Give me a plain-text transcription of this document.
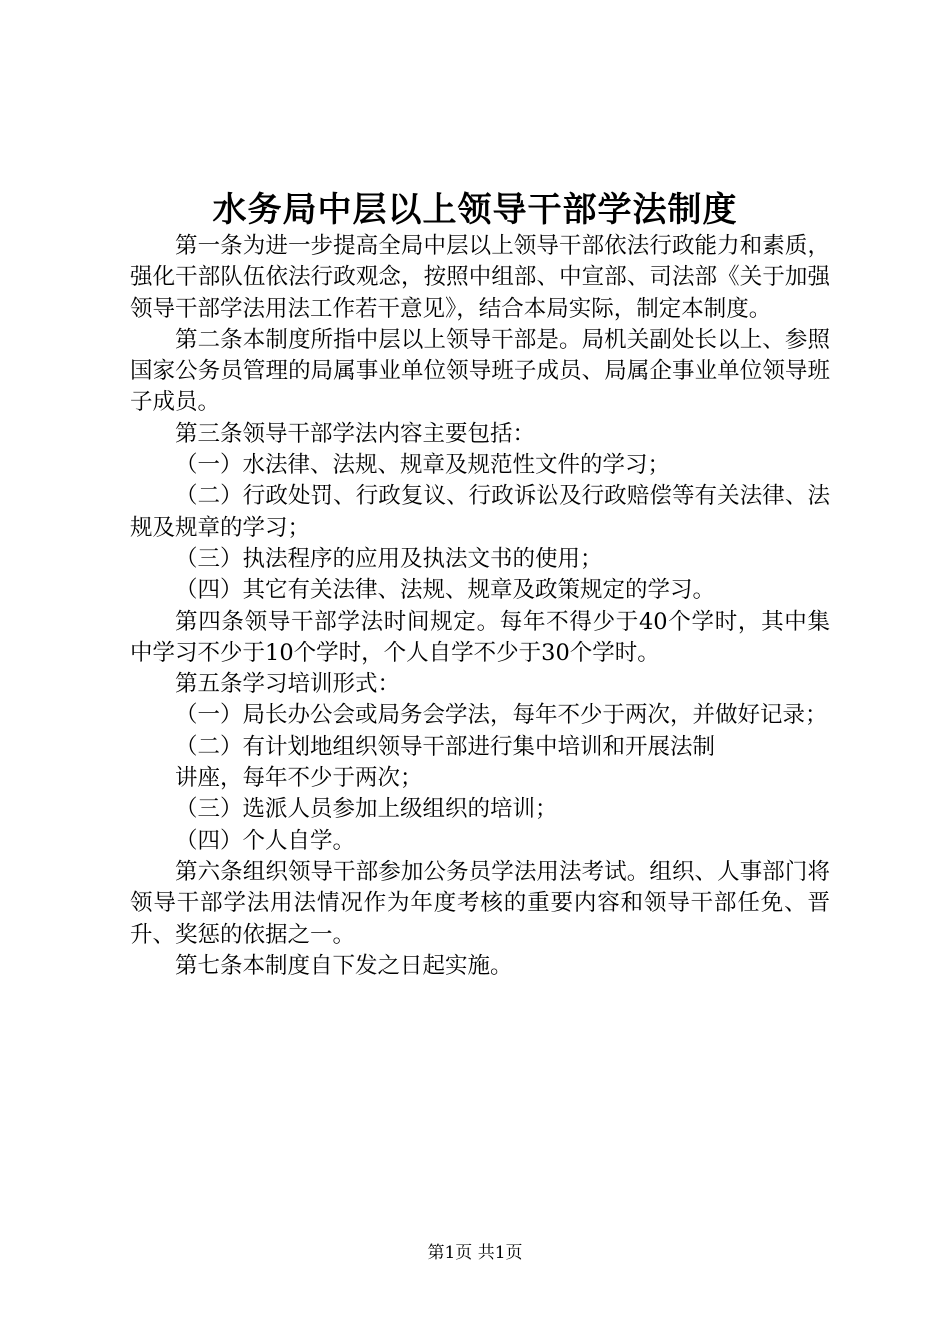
水务局中层以上领导干部学法制度

第一条为进一步提高全局中层以上领导干部依法行政能力和素质，强化干部队伍依法行政观念，按照中组部、中宣部、司法部《关于加强领导干部学法用法工作若干意见》，结合本局实际，制定本制度。

第二条本制度所指中层以上领导干部是。局机关副处长以上、参照国家公务员管理的局属事业单位领导班子成员、局属企事业单位领导班子成员。

第三条领导干部学法内容主要包括：

（一）水法律、法规、规章及规范性文件的学习；

（二）行政处罚、行政复议、行政诉讼及行政赔偿等有关法律、法规及规章的学习；

（三）执法程序的应用及执法文书的使用；

（四）其它有关法律、法规、规章及政策规定的学习。

第四条领导干部学法时间规定。每年不得少于40个学时，其中集中学习不少于10个学时，个人自学不少于30个学时。

第五条学习培训形式：

（一）局长办公会或局务会学法，每年不少于两次，并做好记录；

（二）有计划地组织领导干部进行集中培训和开展法制

讲座，每年不少于两次；

（三）选派人员参加上级组织的培训；

（四）个人自学。

第六条组织领导干部参加公务员学法用法考试。组织、人事部门将领导干部学法用法情况作为年度考核的重要内容和领导干部任免、晋升、奖惩的依据之一。

第七条本制度自下发之日起实施。

第1页 共1页
